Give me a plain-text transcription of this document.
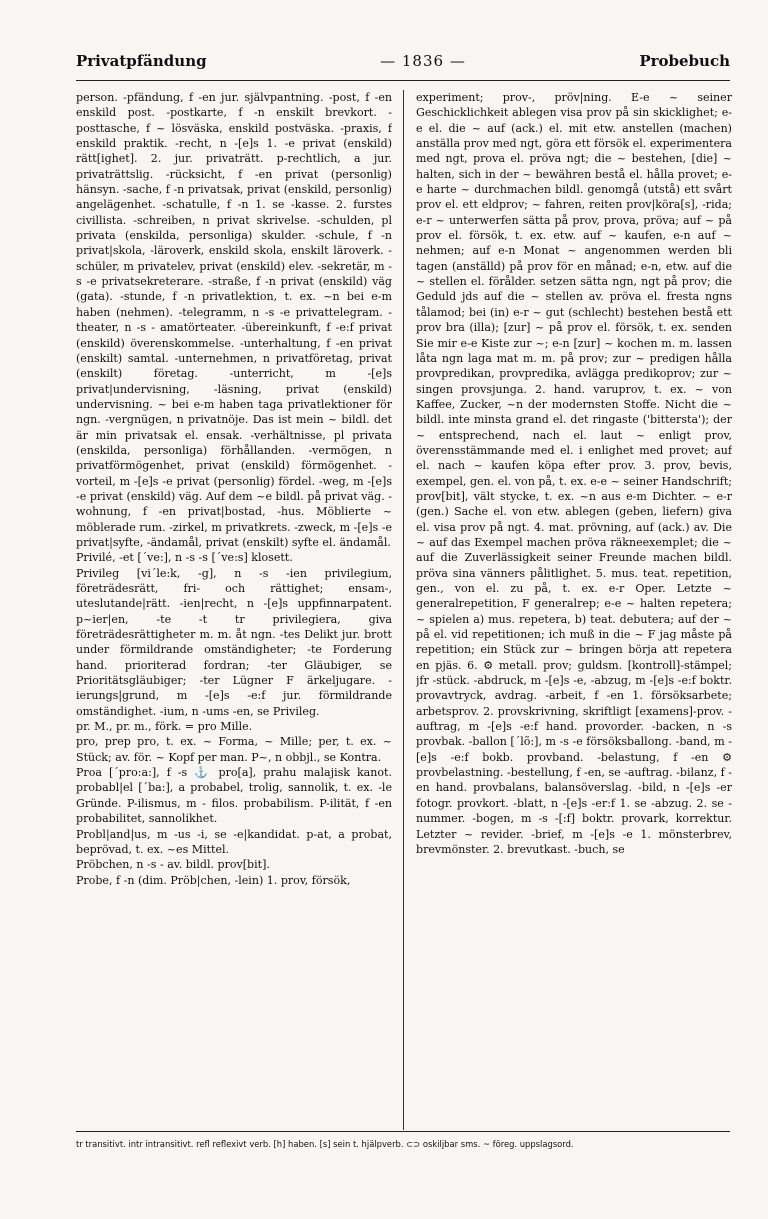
Privatpfändung	— 1836 —	Probebuch

person. -pfändung, f -en jur. självpantning. -post, f -en enskild post. -postkarte, f -n enskilt brevkort. -posttasche, f ~ lösväska, enskild postväska. -praxis, f enskild praktik. -recht, n -[e]s 1. -e privat (enskild) rätt[ighet]. 2. jur. privaträtt. p-rechtlich, a jur. privaträttslig. -rücksicht, f -en privat (personlig) hänsyn. -sache, f -n privatsak, privat (enskild, personlig) angelägenhet. -schatulle, f -n 1. se -kasse. 2. furstes civillista. -schreiben, n privat skrivelse. -schulden, pl privata (enskilda, personliga) skulder. -schule, f -n privat|skola, -läroverk, enskild skola, enskilt läroverk. -schüler, m privatelev, privat (enskild) elev. -sekretär, m -s -e privatsekreterare. -straße, f -n privat (enskild) väg (gata). -stunde, f -n privatlektion, t. ex. ~n bei e-m haben (nehmen). -telegramm, n -s -e privattelegram. -theater, n -s - amatörteater. -übereinkunft, f -e:f privat (enskild) överenskommelse. -unterhaltung, f -en privat (enskilt) samtal. -unternehmen, n privatföretag, privat (enskilt) företag. -unterricht, m -[e]s privat|undervisning, -läsning, privat (enskild) undervisning. ~ bei e-m haben taga privatlektioner för ngn. -vergnügen, n privatnöje. Das ist mein ~ bildl. det är min privatsak el. ensak. -verhältnisse, pl privata (enskilda, personliga) förhållanden. -vermögen, n privatförmögenhet, privat (enskild) förmögenhet. -vorteil, m -[e]s -e privat (personlig) fördel. -weg, m -[e]s -e privat (enskild) väg. Auf dem ~e bildl. på privat väg. -wohnung, f -en privat|bostad, -hus. Möblierte ~ möblerade rum. -zirkel, m privatkrets. -zweck, m -[e]s -e privat|syfte, -ändamål, privat (enskilt) syfte el. ändamål.

Privilé, -et [´ve:], n -s -s [´ve:s] klosett.

Privileg [vi´le:k, -g], n -s -ien privilegium, företrädesrätt, fri- och rättighet; ensam-, uteslutande|rätt. -ien|recht, n -[e]s uppfinnarpatent. p~ier|en, -te -t tr privilegiera, giva företrädesrättigheter m. m. åt ngn. -tes Delikt jur. brott under förmildrande omständigheter; -te Forderung hand. prioriterad fordran; -ter Gläubiger, se Prioritätsgläubiger; -ter Lügner F ärkeljugare. -ierungs|grund, m -[e]s -e:f jur. förmildrande omständighet. -ium, n -ums -en, se Privileg.

pr. M., pr. m., förk. = pro Mille.

pro, prep pro, t. ex. ~ Forma, ~ Mille; per, t. ex. ~ Stück; av. för. ~ Kopf per man. P~, n obbjl., se Kontra.

Proa [´pro:a:], f -s ⚓ pro[a], prahu malajisk kanot. probabl|el [´ba:], a probabel, trolig, sannolik, t. ex. -le Gründe. P-ilismus, m - filos. probabilism. P-ilität, f -en probabilitet, sannolikhet.

Probl|and|us, m -us -i, se -e|kandidat. p-at, a probat, beprövad, t. ex. ~es Mittel.

Pröbchen, n -s - av. bildl. prov[bit].

Probe, f -n (dim. Pröb|chen, -lein) 1. prov, försök,

experiment; prov-, pröv|ning. E-e ~ seiner Geschicklichkeit ablegen visa prov på sin skicklighet; e-e el. die ~ auf (ack.) el. mit etw. anstellen (machen) anställa prov med ngt, göra ett försök el. experimentera med ngt, prova el. pröva ngt; die ~ bestehen, [die] ~ halten, sich in der ~ bewähren bestå el. hålla provet; e-e harte ~ durchmachen bildl. genomgå (utstå) ett svårt prov el. ett eldprov; ~ fahren, reiten prov|köra[s], -rida; e-r ~ unterwerfen sätta på prov, prova, pröva; auf ~ på prov el. försök, t. ex. etw. auf ~ kaufen, e-n auf ~ nehmen; auf e-n Monat ~ angenommen werden bli tagen (anställd) på prov för en månad; e-n, etw. auf die ~ stellen el. förålder. setzen sätta ngn, ngt på prov; die Geduld jds auf die ~ stellen av. pröva el. fresta ngns tålamod; bei (in) e-r ~ gut (schlecht) bestehen bestå ett prov bra (illa); [zur] ~ på prov el. försök, t. ex. senden Sie mir e-e Kiste zur ~; e-n [zur] ~ kochen m. m. lassen låta ngn laga mat m. m. på prov; zur ~ predigen hålla provpredikan, provpredika, avlägga predikoprov; zur ~ singen provsjunga. 2. hand. varuprov, t. ex. ~ von Kaffee, Zucker, ~n der modernsten Stoffe. Nicht die ~ bildl. inte minsta grand el. det ringaste ('bittersta'); der ~ entsprechend, nach el. laut ~ enligt prov, överensstämmande med el. i enlighet med provet; auf el. nach ~ kaufen köpa efter prov. 3. prov, bevis, exempel, gen. el. von på, t. ex. e-e ~ seiner Handschrift; prov[bit], vält stycke, t. ex. ~n aus e-m Dichter. ~ e-r (gen.) Sache el. von etw. ablegen (geben, liefern) giva el. visa prov på ngt. 4. mat. prövning, auf (ack.) av. Die ~ auf das Exempel machen pröva räkneexemplet; die ~ auf die Zuverlässigkeit seiner Freunde machen bildl. pröva sina vänners pålitlighet. 5. mus. teat. repetition, gen., von el. zu på, t. ex. e-r Oper. Letzte ~ generalrepetition, F generalrep; e-e ~ halten repetera; ~ spielen a) mus. repetera, b) teat. debutera; auf der ~ på el. vid repetitionen; ich muß in die ~ F jag måste på repetition; ein Stück zur ~ bringen börja att repetera en pjäs. 6. ⚙ metall. prov; guldsm. [kontroll]-stämpel; jfr -stück. -abdruck, m -[e]s -e, -abzug, m -[e]s -e:f boktr. provavtryck, avdrag. -arbeit, f -en 1. försöksarbete; arbetsprov. 2. provskrivning, skriftligt [examens]-prov. -auftrag, m -[e]s -e:f hand. provorder. -backen, n -s provbak. -ballon [´lõ:], m -s -e försöksballong. -band, m -[e]s -e:f bokb. provband. -belastung, f -en ⚙ provbelastning. -bestellung, f -en, se -auftrag. -bilanz, f -en hand. provbalans, balansöverslag. -bild, n -[e]s -er fotogr. provkort. -blatt, n -[e]s -er:f 1. se -abzug. 2. se -nummer. -bogen, m -s -[:f] boktr. provark, korrektur. Letzter ~ revider. -brief, m -[e]s -e 1. mönsterbrev, brevmönster. 2. brevutkast. -buch, se

tr transitivt. intr intransitivt. refl reflexivt verb. [h] haben. [s] sein t. hjälpverb. ⊂⊃ oskiljbar sms. ~ föreg. uppslagsord.
